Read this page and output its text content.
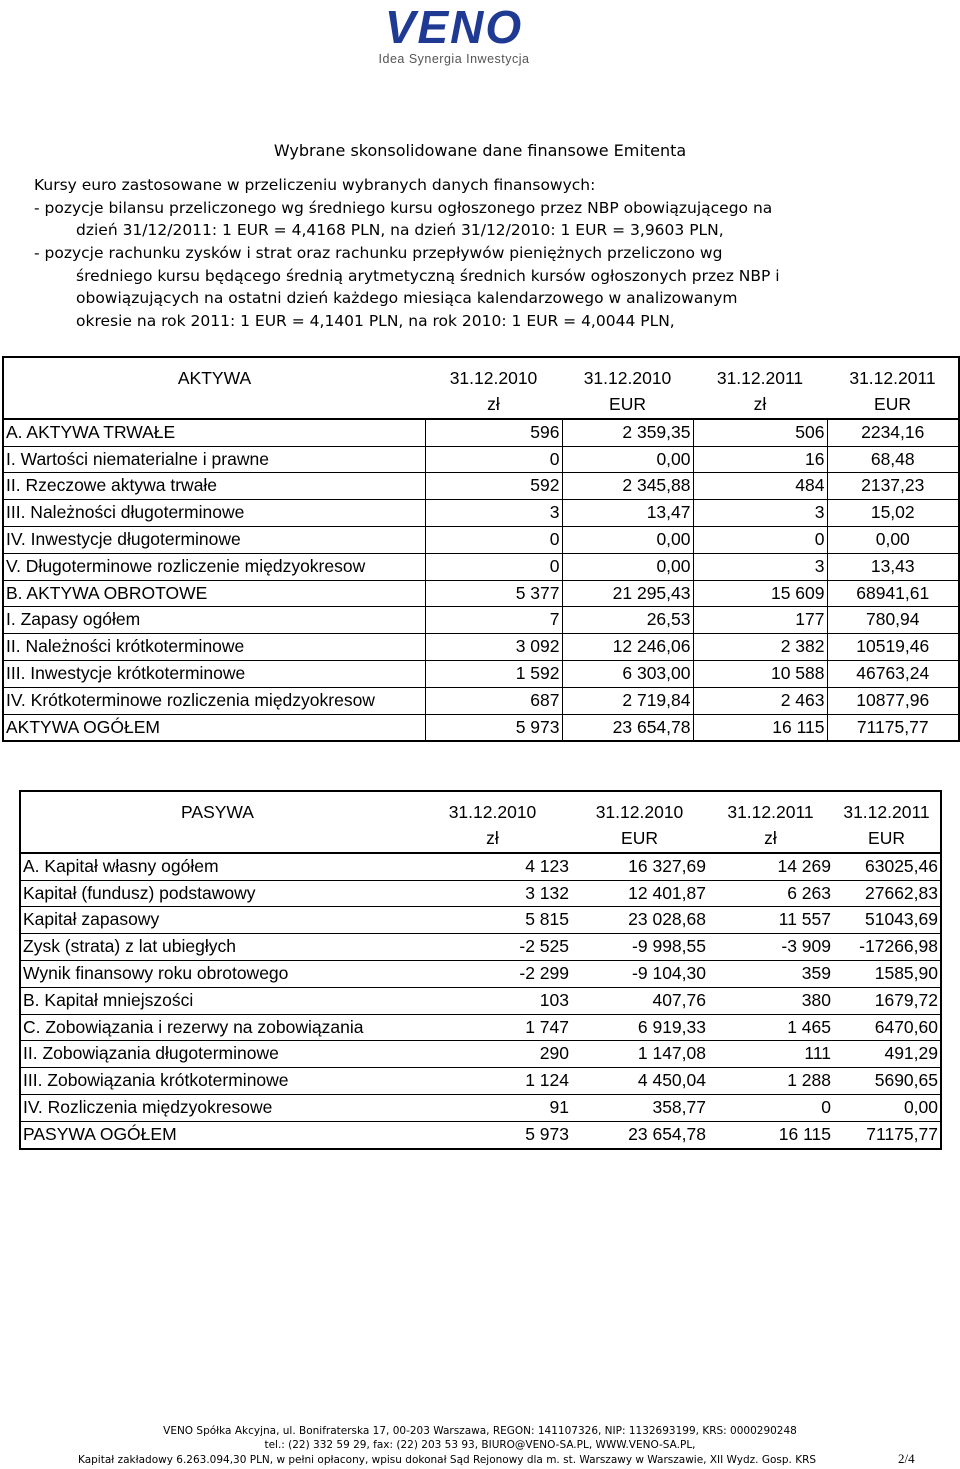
VENO
Idea Synergia Inwestycja
Wybrane skonsolidowane dane finansowe Emitenta
Kursy euro zastosowane w przeliczeniu wybranych danych finansowych:
- pozycje bilansu przeliczonego wg średniego kursu ogłoszonego przez NBP obowiązującego na
dzień 31/12/2011: 1 EUR = 4,4168 PLN, na dzień 31/12/2010: 1 EUR = 3,9603 PLN,
- pozycje rachunku zysków i strat oraz rachunku przepływów pieniężnych przeliczono wg
średniego kursu będącego średnią arytmetyczną średnich kursów ogłoszonych przez NBP i
obowiązujących na ostatni dzień każdego miesiąca kalendarzowego w analizowanym
okresie na rok 2011: 1 EUR = 4,1401 PLN, na rok 2010: 1 EUR = 4,0044 PLN,
AKTYWA	31.12.2010	31.12.2010	31.12.2011	31.12.2011
	zł	EUR	zł	EUR
A. AKTYWA TRWAŁE	596	2 359,35	506	2234,16
I. Wartości niematerialne i prawne	0	0,00	16	68,48
II. Rzeczowe aktywa trwałe	592	2 345,88	484	2137,23
III. Należności długoterminowe	3	13,47	3	15,02
IV. Inwestycje długoterminowe	0	0,00	0	0,00
V. Długoterminowe rozliczenie międzyokresow	0	0,00	3	13,43
B. AKTYWA OBROTOWE	5 377	21 295,43	15 609	68941,61
I. Zapasy ogółem	7	26,53	177	780,94
II. Należności krótkoterminowe	3 092	12 246,06	2 382	10519,46
III. Inwestycje krótkoterminowe	1 592	6 303,00	10 588	46763,24
IV. Krótkoterminowe rozliczenia międzyokresow	687	2 719,84	2 463	10877,96
AKTYWA OGÓŁEM	5 973	23 654,78	16 115	71175,77
PASYWA	31.12.2010	31.12.2010	31.12.2011	31.12.2011
	zł	EUR	zł	EUR
A. Kapitał własny ogółem	4 123	16 327,69	14 269	63025,46
Kapitał (fundusz) podstawowy	3 132	12 401,87	6 263	27662,83
Kapitał zapasowy	5 815	23 028,68	11 557	51043,69
Zysk (strata) z lat ubiegłych	-2 525	-9 998,55	-3 909	-17266,98
Wynik finansowy roku obrotowego	-2 299	-9 104,30	359	1585,90
B. Kapitał mniejszości	103	407,76	380	1679,72
C. Zobowiązania i rezerwy na zobowiązania	1 747	6 919,33	1 465	6470,60
II. Zobowiązania długoterminowe	290	1 147,08	111	491,29
III. Zobowiązania krótkoterminowe	1 124	4 450,04	1 288	5690,65
IV. Rozliczenia międzyokresowe	91	358,77	0	0,00
PASYWA OGÓŁEM	5 973	23 654,78	16 115	71175,77
VENO Spółka Akcyjna, ul. Bonifraterska 17, 00-203 Warszawa, REGON: 141107326, NIP: 1132693199, KRS: 0000290248
tel.: (22) 332 59 29, fax: (22) 203 53 93, BIURO@VENO-SA.PL, WWW.VENO-SA.PL,
Kapitał zakładowy 6.263.094,30 PLN, w pełni opłacony, wpisu dokonał Sąd Rejonowy dla m. st. Warszawy w Warszawie, XII Wydz. Gosp. KRS	2/4
